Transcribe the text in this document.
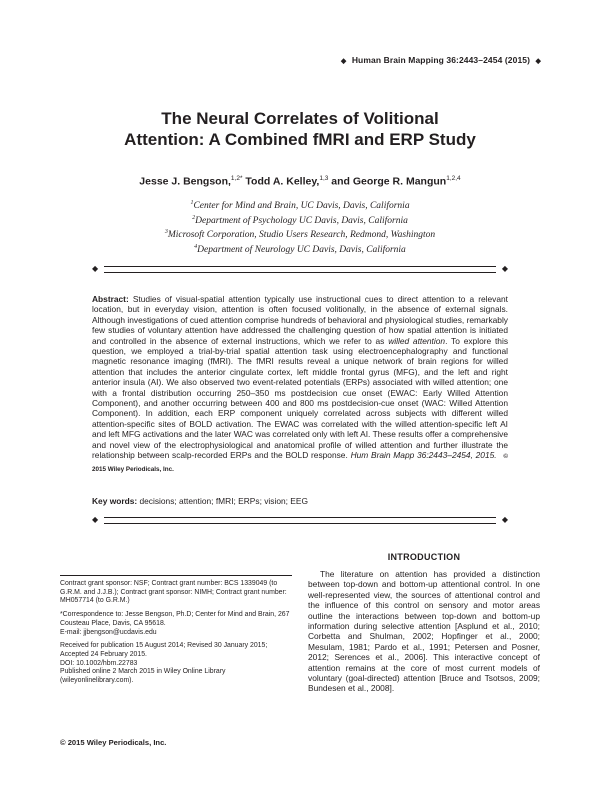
◆ Human Brain Mapping 36:2443–2454 (2015) ◆
The Neural Correlates of Volitional
Attention: A Combined fMRI and ERP Study
Jesse J. Bengson,$^{1,2*}$ Todd A. Kelley,$^{1,3}$ and George R. Mangun$^{1,2,4}$
$^1$Center for Mind and Brain, UC Davis, Davis, California
$^2$Department of Psychology UC Davis, Davis, California
$^3$Microsoft Corporation, Studio Users Research, Redmond, Washington
$^4$Department of Neurology UC Davis, Davis, California
◆	◆
Abstract: Studies of visual-spatial attention typically use instructional cues to direct attention to a relevant location, but in everyday vision, attention is often focused volitionally, in the absence of external signals. Although investigations of cued attention comprise hundreds of behavioral and physiological studies, remarkably few studies of voluntary attention have addressed the challenging question of how spatial attention is initiated and controlled in the absence of external instructions, which we refer to as willed attention. To explore this question, we employed a trial-by-trial spatial attention task using electroencephalography and functional magnetic resonance imaging (fMRI). The fMRI results reveal a unique network of brain regions for willed attention that includes the anterior cingulate cortex, left middle frontal gyrus (MFG), and the left and right anterior insula (AI). We also observed two event-related potentials (ERPs) associated with willed attention; one with a frontal distribution occurring 250–350 ms postdecision cue onset (EWAC: Early Willed Attention Component), and another occurring between 400 and 800 ms postdecision-cue onset (WAC: Willed Attention Component). In addition, each ERP component uniquely correlated across subjects with different willed attention-specific sites of BOLD activation. The EWAC was correlated with the willed attention-specific left AI and left MFG activations and the later WAC was correlated only with left AI. These results offer a comprehensive and novel view of the electrophysiological and anatomical profile of willed attention and further illustrate the relationship between scalp-recorded ERPs and the BOLD response. Hum Brain Mapp 36:2443–2454, 2015. © 2015 Wiley Periodicals, Inc.
Key words: decisions; attention; fMRI; ERPs; vision; EEG
◆	◆

Contract grant sponsor: NSF; Contract grant number: BCS 1339049 (to G.R.M. and J.J.B.); Contract grant sponsor: NIMH; Contract grant number: MH057714 (to G.R.M.)

*Correspondence to: Jesse Bengson, Ph.D; Center for Mind and Brain, 267 Cousteau Place, Davis, CA 95618.

E-mail: jjbengson@ucdavis.edu

Received for publication 15 August 2014; Revised 30 January 2015; Accepted 24 February 2015.

DOI: 10.1002/hbm.22783

Published online 2 March 2015 in Wiley Online Library (wileyonlinelibrary.com).

© 2015 Wiley Periodicals, Inc.
INTRODUCTION
The literature on attention has provided a distinction between top-down and bottom-up attentional control. In one well-represented view, the sources of attentional control and the influence of this control on sensory and motor areas outline the interactions between top-down and bottom-up information during selective attention [Asplund et al., 2010; Corbetta and Shulman, 2002; Hopfinger et al., 2000; Mesulam, 1981; Pardo et al., 1991; Petersen and Posner, 2012; Serences et al., 2006]. This interactive concept of attention remains at the core of most current models of voluntary (goal-directed) attention [Bruce and Tsotsos, 2009; Bundesen et al., 2008].
